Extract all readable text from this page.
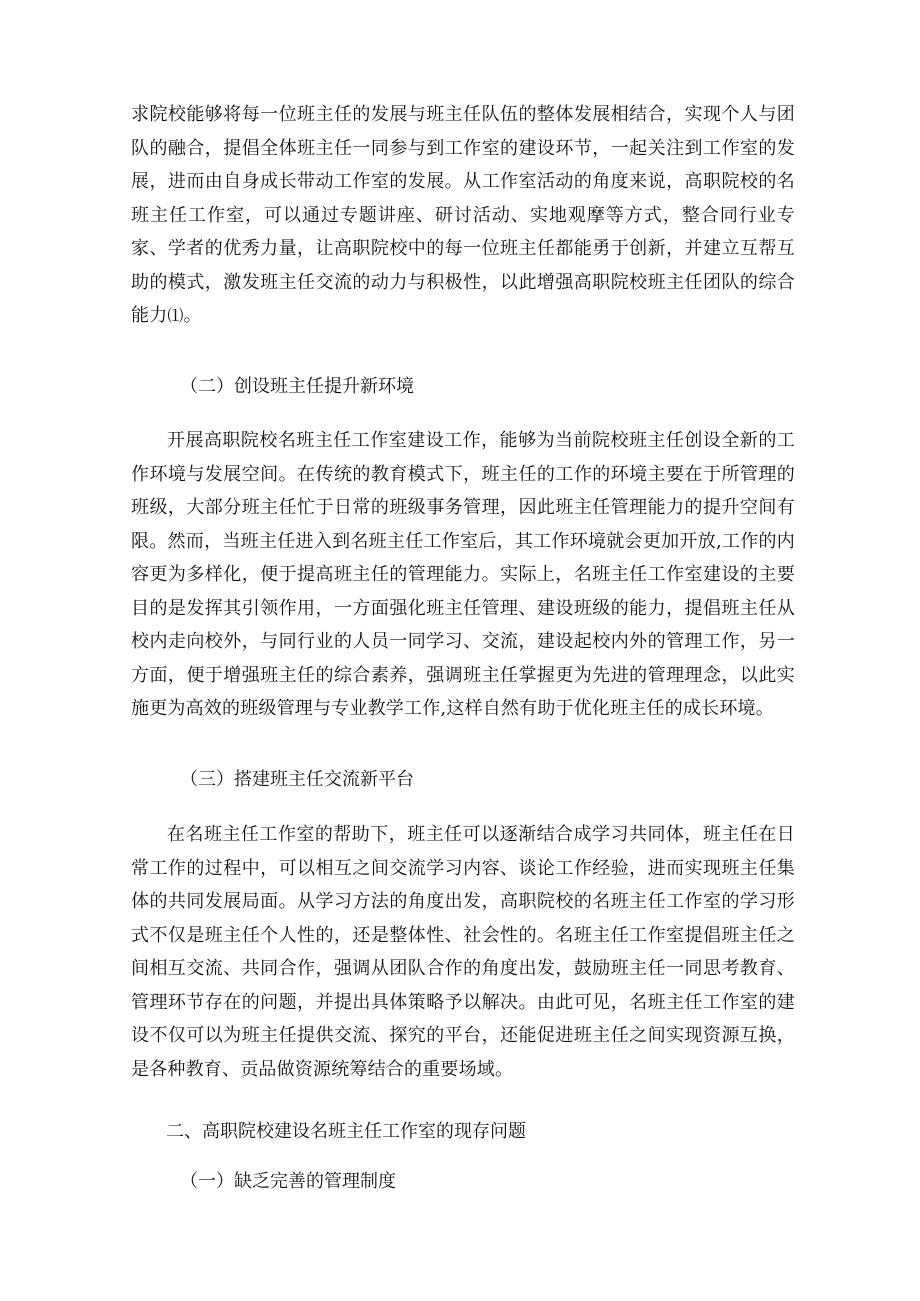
求院校能够将每一位班主任的发展与班主任队伍的整体发展相结合，实现个人与团队的融合，提倡全体班主任一同参与到工作室的建设环节，一起关注到工作室的发展，进而由自身成长带动工作室的发展。从工作室活动的角度来说，高职院校的名班主任工作室，可以通过专题讲座、研讨活动、实地观摩等方式，整合同行业专家、学者的优秀力量，让高职院校中的每一位班主任都能勇于创新，并建立互帮互助的模式，激发班主任交流的动力与积极性，以此增强高职院校班主任团队的综合能力⑴。

（二）创设班主任提升新环境

开展高职院校名班主任工作室建设工作，能够为当前院校班主任创设全新的工作环境与发展空间。在传统的教育模式下，班主任的工作的环境主要在于所管理的班级，大部分班主任忙于日常的班级事务管理，因此班主任管理能力的提升空间有限。然而，当班主任进入到名班主任工作室后，其工作环境就会更加开放,工作的内容更为多样化，便于提高班主任的管理能力。实际上，名班主任工作室建设的主要目的是发挥其引领作用，一方面强化班主任管理、建设班级的能力，提倡班主任从校内走向校外，与同行业的人员一同学习、交流，建设起校内外的管理工作，另一方面，便于增强班主任的综合素养，强调班主任掌握更为先进的管理理念，以此实施更为高效的班级管理与专业教学工作,这样自然有助于优化班主任的成长环境。

（三）搭建班主任交流新平台

在名班主任工作室的帮助下，班主任可以逐渐结合成学习共同体，班主任在日常工作的过程中，可以相互之间交流学习内容、谈论工作经验，进而实现班主任集体的共同发展局面。从学习方法的角度出发，高职院校的名班主任工作室的学习形式不仅是班主任个人性的，还是整体性、社会性的。名班主任工作室提倡班主任之间相互交流、共同合作，强调从团队合作的角度出发，鼓励班主任一同思考教育、管理环节存在的问题，并提出具体策略予以解决。由此可见，名班主任工作室的建设不仅可以为班主任提供交流、探究的平台，还能促进班主任之间实现资源互换，是各种教育、贡品做资源统筹结合的重要场域。

二、高职院校建设名班主任工作室的现存问题
（一）缺乏完善的管理制度
